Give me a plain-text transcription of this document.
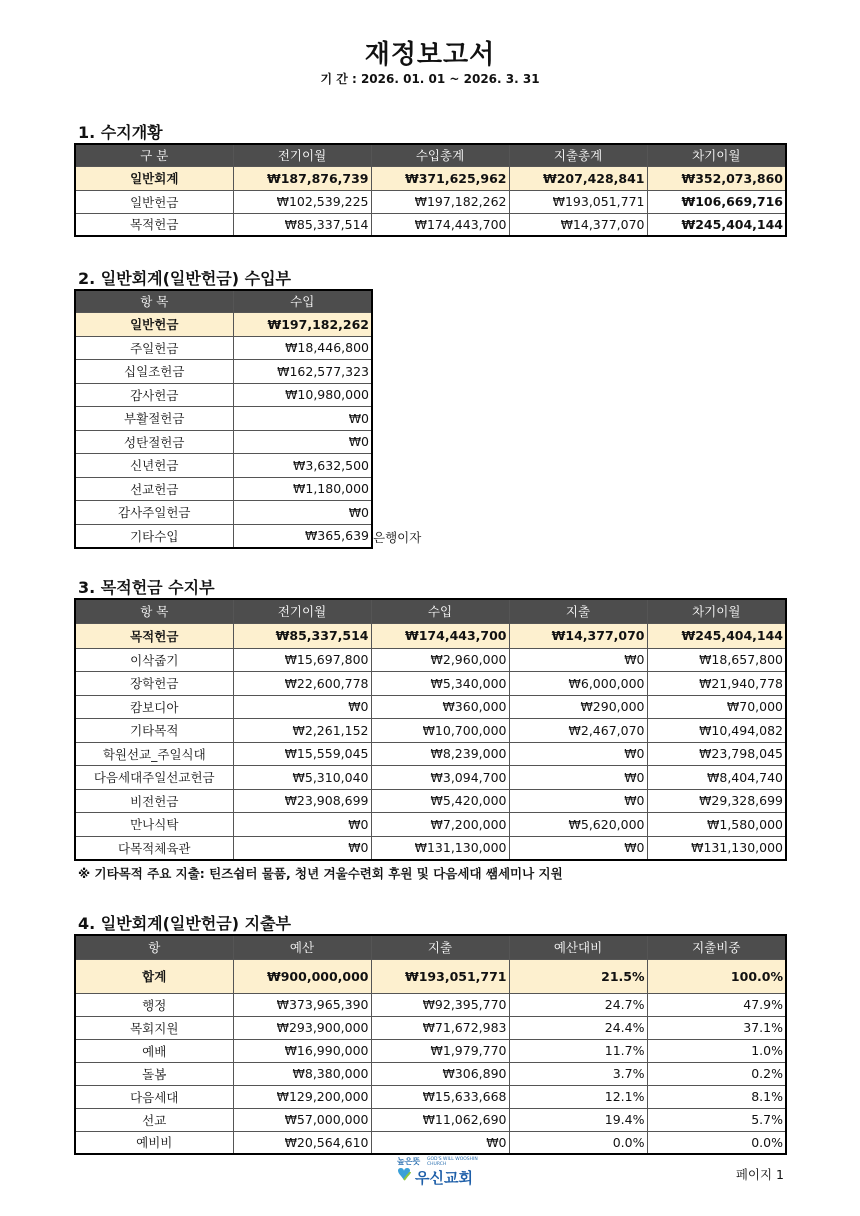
재정보고서
기 간 : 2026. 01. 01 ~ 2026. 3. 31
1. 수지개황
구 분	전기이월	수입총계	지출총계	차기이월
일반회계	₩187,876,739	₩371,625,962	₩207,428,841	₩352,073,860
일반헌금	₩102,539,225	₩197,182,262	₩193,051,771	₩106,669,716
목적헌금	₩85,337,514	₩174,443,700	₩14,377,070	₩245,404,144
2. 일반회계(일반헌금) 수입부
항 목	수입
일반헌금	₩197,182,262
주일헌금	₩18,446,800
십일조헌금	₩162,577,323
감사헌금	₩10,980,000
부활절헌금	₩0
성탄절헌금	₩0
신년헌금	₩3,632,500
선교헌금	₩1,180,000
감사주일헌금	₩0
기타수입	₩365,639 은행이자
3. 목적헌금 수지부
항 목	전기이월	수입	지출	차기이월
목적헌금	₩85,337,514	₩174,443,700	₩14,377,070	₩245,404,144
이삭줍기	₩15,697,800	₩2,960,000	₩0	₩18,657,800
장학헌금	₩22,600,778	₩5,340,000	₩6,000,000	₩21,940,778
캄보디아	₩0	₩360,000	₩290,000	₩70,000
기타목적	₩2,261,152	₩10,700,000	₩2,467,070	₩10,494,082
학원선교_주일식대	₩15,559,045	₩8,239,000	₩0	₩23,798,045
다음세대주일선교헌금	₩5,310,040	₩3,094,700	₩0	₩8,404,740
비전헌금	₩23,908,699	₩5,420,000	₩0	₩29,328,699
만나식탁	₩0	₩7,200,000	₩5,620,000	₩1,580,000
다목적체육관	₩0	₩131,130,000	₩0	₩131,130,000
※ 기타목적 주요 지출: 틴즈쉼터 물품, 청년 겨울수련회 후원 및 다음세대 쌤세미나 지원
4. 일반회계(일반헌금) 지출부
항	예산	지출	예산대비	지출비중
합계	₩900,000,000	₩193,051,771	21.5%	100.0%
행정	₩373,965,390	₩92,395,770	24.7%	47.9%
목회지원	₩293,900,000	₩71,672,983	24.4%	37.1%
예배	₩16,990,000	₩1,979,770	11.7%	1.0%
돌봄	₩8,380,000	₩306,890	3.7%	0.2%
다음세대	₩129,200,000	₩15,633,668	12.1%	8.1%
선교	₩57,000,000	₩11,062,690	19.4%	5.7%
예비비	₩20,564,610	₩0	0.0%	0.0%
높은뜻 GOD'S WILL WOOSHIN CHURCH
우신교회	페이지 1
